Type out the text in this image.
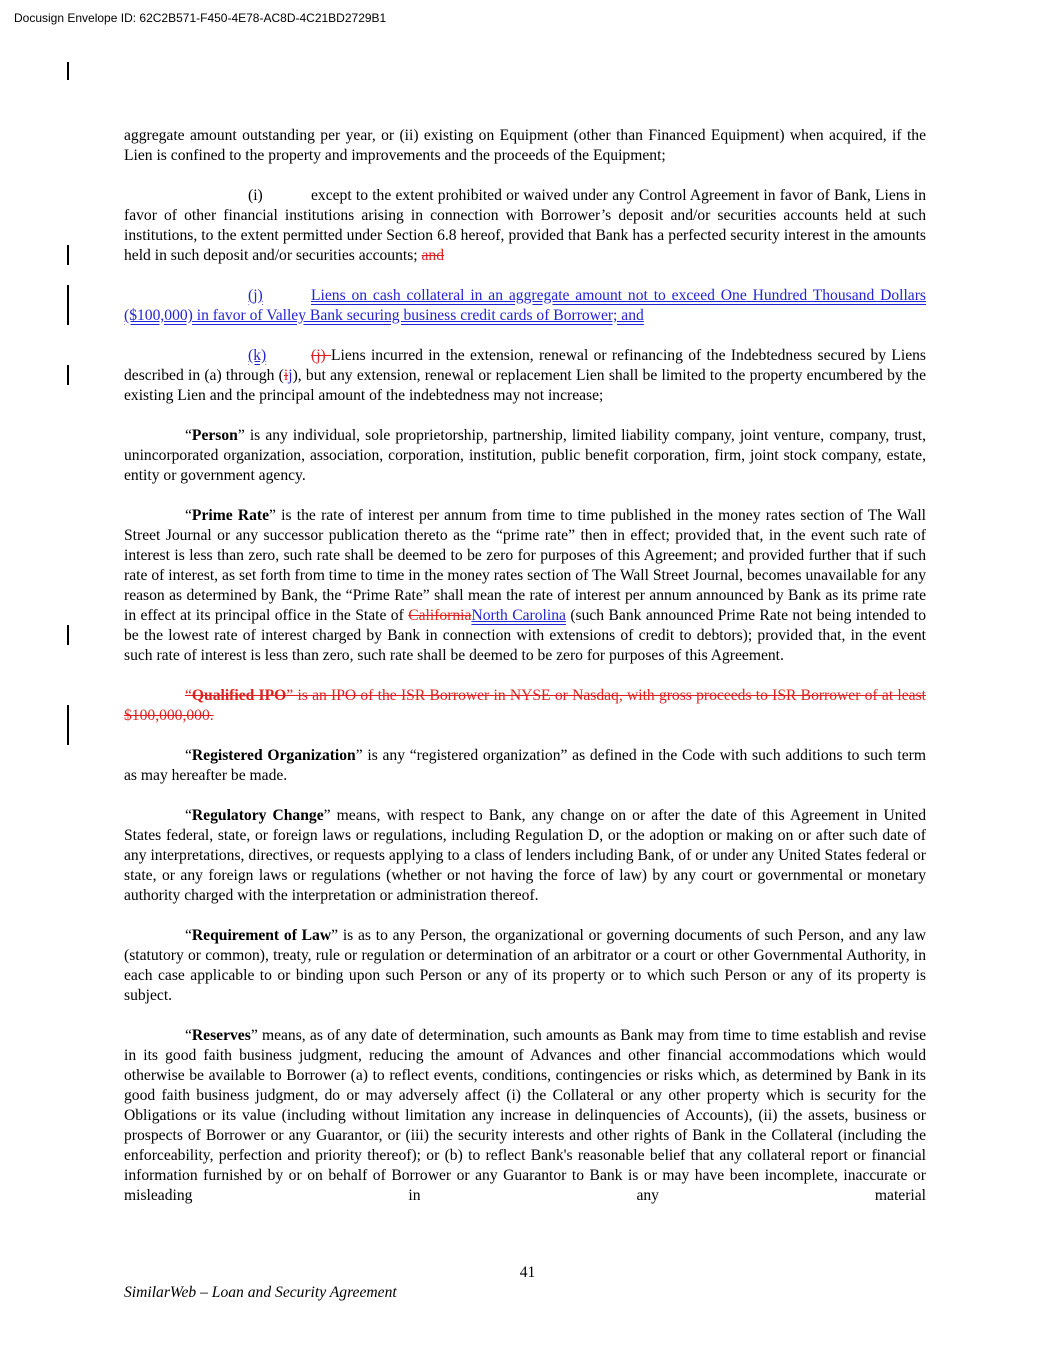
Docusign Envelope ID: 62C2B571-F450-4E78-AC8D-4C21BD2729B1

aggregate amount outstanding per year, or (ii) existing on Equipment (other than Financed Equipment) when acquired, if the Lien is confined to the property and improvements and the proceeds of the Equipment;

(i)	except to the extent prohibited or waived under any Control Agreement in favor of Bank, Liens in favor of other financial institutions arising in connection with Borrower’s deposit and/or securities accounts held at such institutions, to the extent permitted under Section 6.8 hereof, provided that Bank has a perfected security interest in the amounts held in such deposit and/or securities accounts; and

(j)	Liens on cash collateral in an aggregate amount not to exceed One Hundred Thousand Dollars ($100,000) in favor of Valley Bank securing business credit cards of Borrower; and

(k)	(j) Liens incurred in the extension, renewal or refinancing of the Indebtedness secured by Liens described in (a) through (ij), but any extension, renewal or replacement Lien shall be limited to the property encumbered by the existing Lien and the principal amount of the indebtedness may not increase;

“Person” is any individual, sole proprietorship, partnership, limited liability company, joint venture, company, trust, unincorporated organization, association, corporation, institution, public benefit corporation, firm, joint stock company, estate, entity or government agency.

“Prime Rate” is the rate of interest per annum from time to time published in the money rates section of The Wall Street Journal or any successor publication thereto as the “prime rate” then in effect; provided that, in the event such rate of interest is less than zero, such rate shall be deemed to be zero for purposes of this Agreement; and provided further that if such rate of interest, as set forth from time to time in the money rates section of The Wall Street Journal, becomes unavailable for any reason as determined by Bank, the “Prime Rate” shall mean the rate of interest per annum announced by Bank as its prime rate in effect at its principal office in the State of CaliforniaNorth Carolina (such Bank announced Prime Rate not being intended to be the lowest rate of interest charged by Bank in connection with extensions of credit to debtors); provided that, in the event such rate of interest is less than zero, such rate shall be deemed to be zero for purposes of this Agreement.

“Qualified IPO” is an IPO of the ISR Borrower in NYSE or Nasdaq, with gross proceeds to ISR Borrower of at least $100,000,000.

“Registered Organization” is any “registered organization” as defined in the Code with such additions to such term as may hereafter be made.

“Regulatory Change” means, with respect to Bank, any change on or after the date of this Agreement in United States federal, state, or foreign laws or regulations, including Regulation D, or the adoption or making on or after such date of any interpretations, directives, or requests applying to a class of lenders including Bank, of or under any United States federal or state, or any foreign laws or regulations (whether or not having the force of law) by any court or governmental or monetary authority charged with the interpretation or administration thereof.

“Requirement of Law” is as to any Person, the organizational or governing documents of such Person, and any law (statutory or common), treaty, rule or regulation or determination of an arbitrator or a court or other Governmental Authority, in each case applicable to or binding upon such Person or any of its property or to which such Person or any of its property is subject.

“Reserves” means, as of any date of determination, such amounts as Bank may from time to time establish and revise in its good faith business judgment, reducing the amount of Advances and other financial accommodations which would otherwise be available to Borrower (a) to reflect events, conditions, contingencies or risks which, as determined by Bank in its good faith business judgment, do or may adversely affect (i) the Collateral or any other property which is security for the Obligations or its value (including without limitation any increase in delinquencies of Accounts), (ii) the assets, business or prospects of Borrower or any Guarantor, or (iii) the security interests and other rights of Bank in the Collateral (including the enforceability, perfection and priority thereof); or (b) to reflect Bank's reasonable belief that any collateral report or financial information furnished by or on behalf of Borrower or any Guarantor to Bank is or may have been incomplete, inaccurate or misleading in any material

41
SimilarWeb – Loan and Security Agreement
